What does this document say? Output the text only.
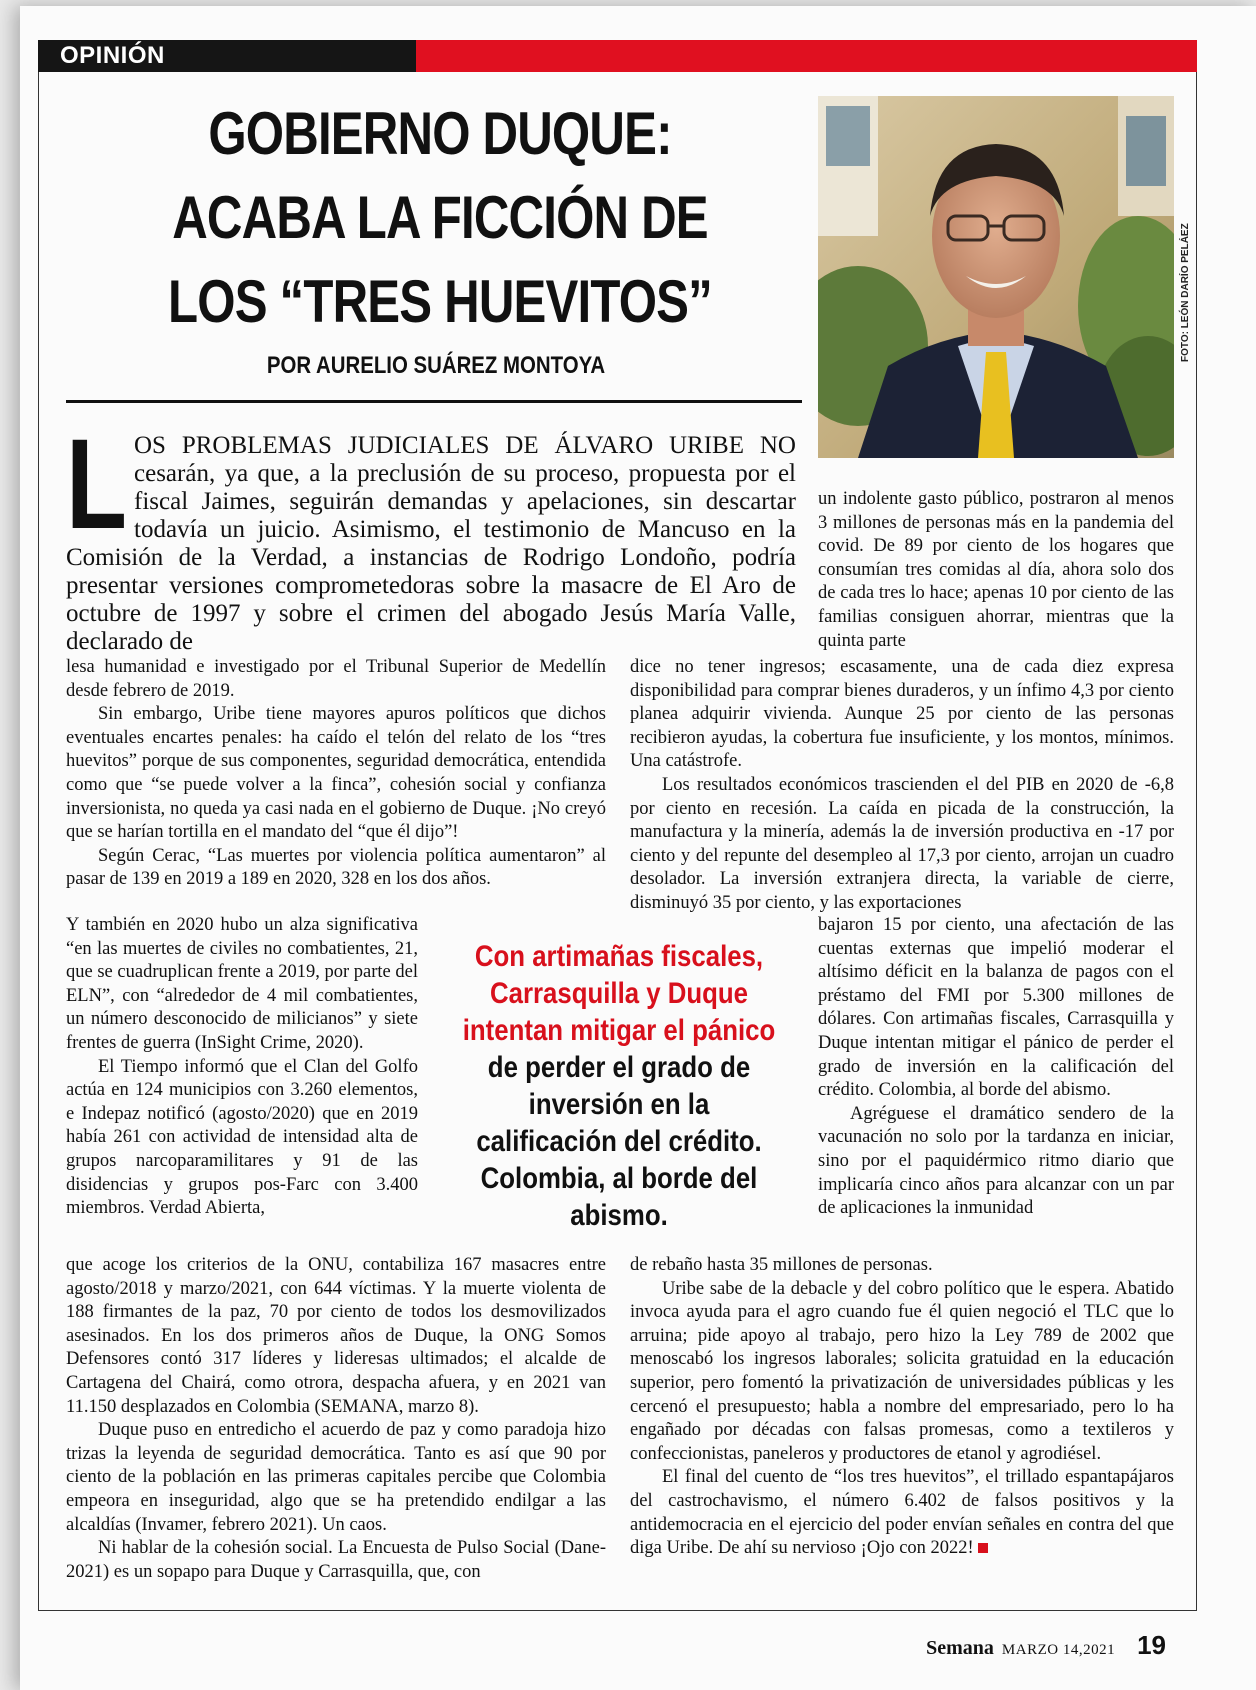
OPINIÓN
GOBIERNO DUQUE:
ACABA LA FICCIÓN DE
LOS “TRES HUEVITOS”
POR AURELIO SUÁREZ MONTOYA
FOTO: LEÓN DARÍO PELÁEZ
L OS PROBLEMAS JUDICIALES DE ÁLVARO URIBE NO cesarán, ya que, a la preclusión de su proceso, propuesta por el fiscal Jaimes, seguirán demandas y apelaciones, sin descartar todavía un juicio. Asimismo, el testimonio de Mancuso en la Comisión de la Verdad, a instancias de Rodrigo Londoño, podría presentar versiones comprometedoras sobre la masacre de El Aro de octubre de 1997 y sobre el crimen del abogado Jesús María Valle, declarado de

lesa humanidad e investigado por el Tribunal Superior de Medellín desde febrero de 2019.

Sin embargo, Uribe tiene mayores apuros políticos que dichos eventuales encartes penales: ha caído el telón del relato de los “tres huevitos” porque de sus componentes, seguridad democrática, entendida como que “se puede volver a la finca”, cohesión social y confianza inversionista, no queda ya casi nada en el gobierno de Duque. ¡No creyó que se harían tortilla en el mandato del “que él dijo”!

Según Cerac, “Las muertes por violencia política aumentaron” al pasar de 139 en 2019 a 189 en 2020, 328 en los dos años.

Y también en 2020 hubo un alza significativa “en las muertes de civiles no combatientes, 21, que se cuadruplican frente a 2019, por parte del ELN”, con “alrededor de 4 mil combatientes, un número desconocido de milicianos” y siete frentes de guerra (InSight Crime, 2020).

El Tiempo informó que el Clan del Golfo actúa en 124 municipios con 3.260 elementos, e Indepaz notificó (agosto/2020) que en 2019 había 261 con actividad de intensidad alta de grupos narcoparamilitares y 91 de las disidencias y grupos pos-Farc con 3.400 miembros. Verdad Abierta,

que acoge los criterios de la ONU, contabiliza 167 masacres entre agosto/2018 y marzo/2021, con 644 víctimas. Y la muerte violenta de 188 firmantes de la paz, 70 por ciento de todos los desmovilizados asesinados. En los dos primeros años de Duque, la ONG Somos Defensores contó 317 líderes y lideresas ultimados; el alcalde de Cartagena del Chairá, como otrora, despacha afuera, y en 2021 van 11.150 desplazados en Colombia (SEMANA, marzo 8).

Duque puso en entredicho el acuerdo de paz y como paradoja hizo trizas la leyenda de seguridad democrática. Tanto es así que 90 por ciento de la población en las primeras capitales percibe que Colombia empeora en inseguridad, algo que se ha pretendido endilgar a las alcaldías (Invamer, febrero 2021). Un caos.

Ni hablar de la cohesión social. La Encuesta de Pulso Social (Dane-2021) es un sopapo para Duque y Carrasquilla, que, con

un indolente gasto público, postraron al menos 3 millones de personas más en la pandemia del covid. De 89 por ciento de los hogares que consumían tres comidas al día, ahora solo dos de cada tres lo hace; apenas 10 por ciento de las familias consiguen ahorrar, mientras que la quinta parte

dice no tener ingresos; escasamente, una de cada diez expresa disponibilidad para comprar bienes duraderos, y un ínfimo 4,3 por ciento planea adquirir vivienda. Aunque 25 por ciento de las personas recibieron ayudas, la cobertura fue insuficiente, y los montos, mínimos. Una catástrofe.

Los resultados económicos trascienden el del PIB en 2020 de -6,8 por ciento en recesión. La caída en picada de la construcción, la manufactura y la minería, además la de inversión productiva en -17 por ciento y del repunte del desempleo al 17,3 por ciento, arrojan un cuadro desolador. La inversión extranjera directa, la variable de cierre, disminuyó 35 por ciento, y las exportaciones

bajaron 15 por ciento, una afectación de las cuentas externas que impelió moderar el altísimo déficit en la balanza de pagos con el préstamo del FMI por 5.300 millones de dólares. Con artimañas fiscales, Carrasquilla y Duque intentan mitigar el pánico de perder el grado de inversión en la calificación del crédito. Colombia, al borde del abismo.

Agréguese el dramático sendero de la vacunación no solo por la tardanza en iniciar, sino por el paquidérmico ritmo diario que implicaría cinco años para alcanzar con un par de aplicaciones la inmunidad

de rebaño hasta 35 millones de personas.

Uribe sabe de la debacle y del cobro político que le espera. Abatido invoca ayuda para el agro cuando fue él quien negoció el TLC que lo arruina; pide apoyo al trabajo, pero hizo la Ley 789 de 2002 que menoscabó los ingresos laborales; solicita gratuidad en la educación superior, pero fomentó la privatización de universidades públicas y les cercenó el presupuesto; habla a nombre del empresariado, pero lo ha engañado por décadas con falsas promesas, como a textileros y confeccionistas, paneleros y productores de etanol y agrodiésel.

El final del cuento de “los tres huevitos”, el trillado espantapájaros del castrochavismo, el número 6.402 de falsos positivos y la antidemocracia en el ejercicio del poder envían señales en contra del que diga Uribe. De ahí su nervioso ¡Ojo con 2022!

Con artimañas fiscales, Carrasquilla y Duque intentan mitigar el pánico de perder el grado de inversión en la calificación del crédito. Colombia, al borde del abismo.
Semana MARZO 14,2021 19
